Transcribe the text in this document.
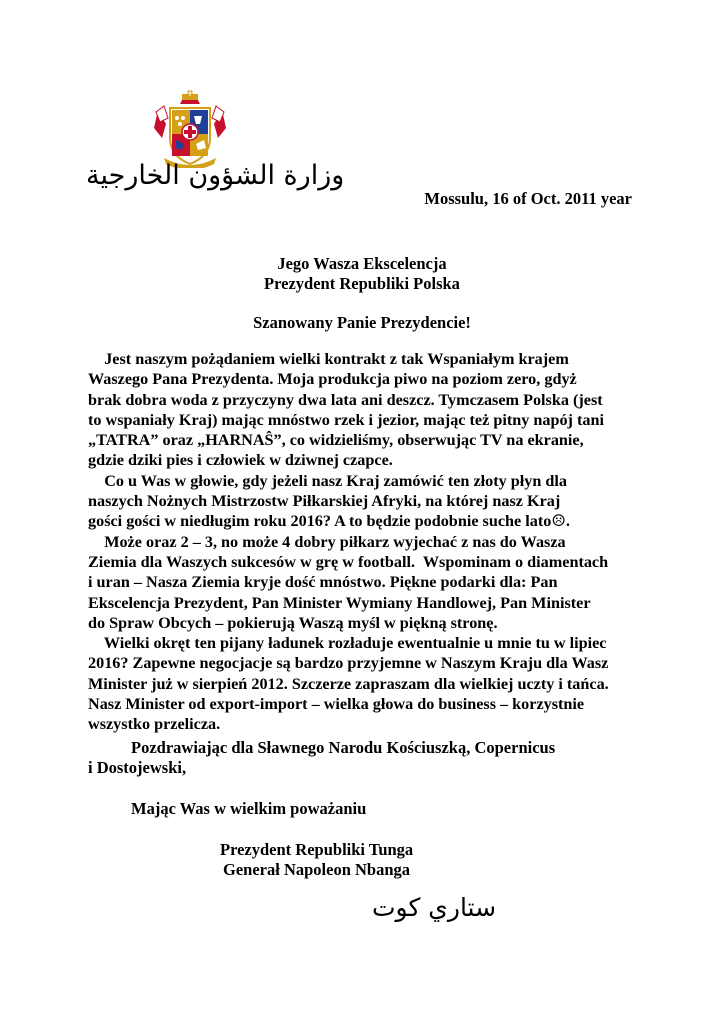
وزارة الشؤون الخارجية
Mossulu, 16 of Oct. 2011 year
Jego Wasza Ekscelencja
Prezydent Republiki Polska
Szanowany Panie Prezydencie!
Jest naszym pożądaniem wielki kontrakt z tak Wspaniałym krajem
Waszego Pana Prezydenta. Moja produkcja piwo na poziom zero, gdyż
brak dobra woda z przyczyny dwa lata ani deszcz. Tymczasem Polska (jest
to wspaniały Kraj) mając mnóstwo rzek i jezior, mając też pitny napój tani
„TATRA” oraz „HARNAŜ”, co widzieliśmy, obserwując TV na ekranie,
gdzie dziki pies i człowiek w dziwnej czapce.
Co u Was w głowie, gdy jeżeli nasz Kraj zamówić ten złoty płyn dla
naszych Nożnych Mistrzostw Piłkarskiej Afryki, na której nasz Kraj
gości gości w niedługim roku 2016? A to będzie podobnie suche lato☹.
Może oraz 2 – 3, no może 4 dobry piłkarz wyjechać z nas do Wasza
Ziemia dla Waszych sukcesów w grę w football.  Wspominam o diamentach
i uran – Nasza Ziemia kryje dość mnóstwo. Piękne podarki dla: Pan
Ekscelencja Prezydent, Pan Minister Wymiany Handlowej, Pan Minister
do Spraw Obcych – pokierują Waszą myśl w piękną stronę.
Wielki okręt ten pijany ładunek rozładuje ewentualnie u mnie tu w lipiec
2016? Zapewne negocjacje są bardzo przyjemne w Naszym Kraju dla Wasz
Minister już w sierpień 2012. Szczerze zapraszam dla wielkiej uczty i tańca.
Nasz Minister od export-import – wielka głowa do business – korzystnie
wszystko przelicza.
Pozdrawiając dla Sławnego Narodu Kościuszką, Copernicus
i Dostojewski,
Mając Was w wielkim poważaniu
Prezydent Republiki Tunga
Generał Napoleon Nbanga
ستاري كوت
